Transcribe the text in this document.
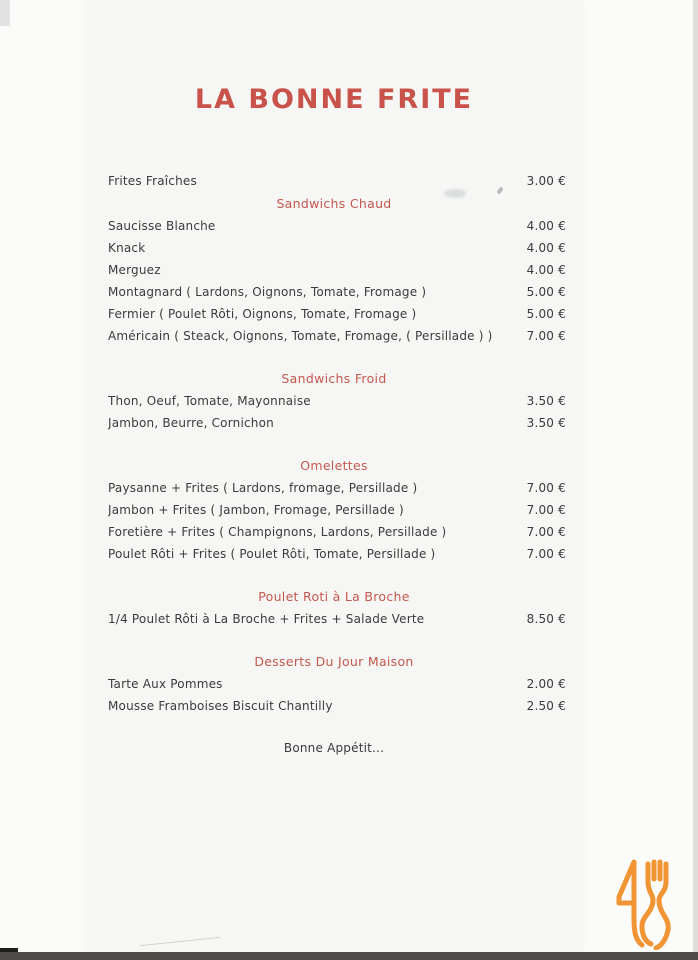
LA BONNE FRITE
Frites Fraîches	3.00 €
Sandwichs Chaud
Saucisse Blanche	4.00 €
Knack	4.00 €
Merguez	4.00 €
Montagnard ( Lardons, Oignons, Tomate, Fromage )	5.00 €
Fermier ( Poulet Rôti, Oignons, Tomate, Fromage )	5.00 €
Américain ( Steack, Oignons, Tomate, Fromage, ( Persillade ) )	7.00 €
Sandwichs Froid
Thon, Oeuf, Tomate, Mayonnaise	3.50 €
Jambon, Beurre, Cornichon	3.50 €
Omelettes
Paysanne + Frites ( Lardons, fromage, Persillade )	7.00 €
Jambon + Frites ( Jambon, Fromage, Persillade )	7.00 €
Foretière + Frites ( Champignons, Lardons, Persillade )	7.00 €
Poulet Rôti + Frites ( Poulet Rôti, Tomate, Persillade )	7.00 €
Poulet Roti à La Broche
1/4 Poulet Rôti à La Broche + Frites + Salade Verte	8.50 €
Desserts Du Jour Maison
Tarte Aux Pommes	2.00 €
Mousse Framboises Biscuit Chantilly	2.50 €
Bonne Appétit...
